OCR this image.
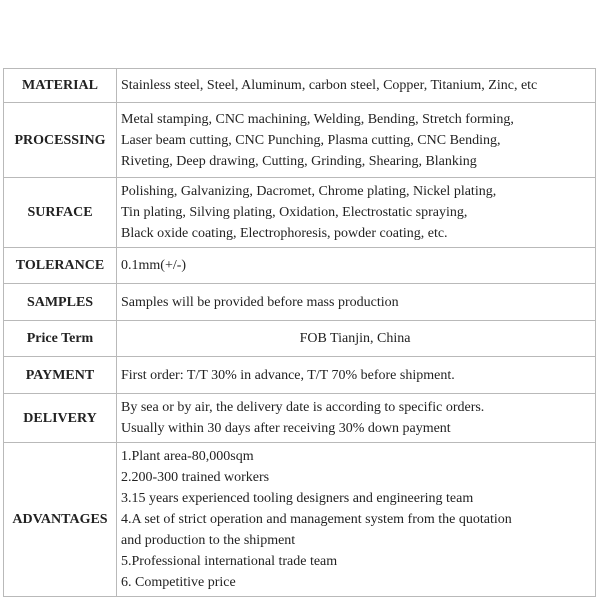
MATERIAL	Stainless steel, Steel, Aluminum, carbon steel, Copper, Titanium, Zinc, etc

PROCESSING	Metal stamping, CNC machining, Welding, Bending, Stretch forming,
Laser beam cutting, CNC Punching, Plasma cutting, CNC Bending,
Riveting, Deep drawing, Cutting, Grinding, Shearing, Blanking

SURFACE	Polishing, Galvanizing, Dacromet, Chrome plating, Nickel plating,
Tin plating, Silving plating, Oxidation, Electrostatic spraying,
Black oxide coating, Electrophoresis, powder coating, etc.

TOLERANCE	0.1mm(+/-)

SAMPLES	Samples will be provided before mass production

Price Term	FOB Tianjin, China

PAYMENT	First order: T/T 30% in advance, T/T 70% before shipment.

DELIVERY	By sea or by air, the delivery date is according to specific orders.
Usually within 30 days after receiving 30% down payment

ADVANTAGES	
1.Plant area-80,000sqm
2.200-300 trained workers
3.15 years experienced tooling designers and engineering team
4.A set of strict operation and management system from the quotation
and production to the shipment
5.Professional international trade team
6. Competitive price
